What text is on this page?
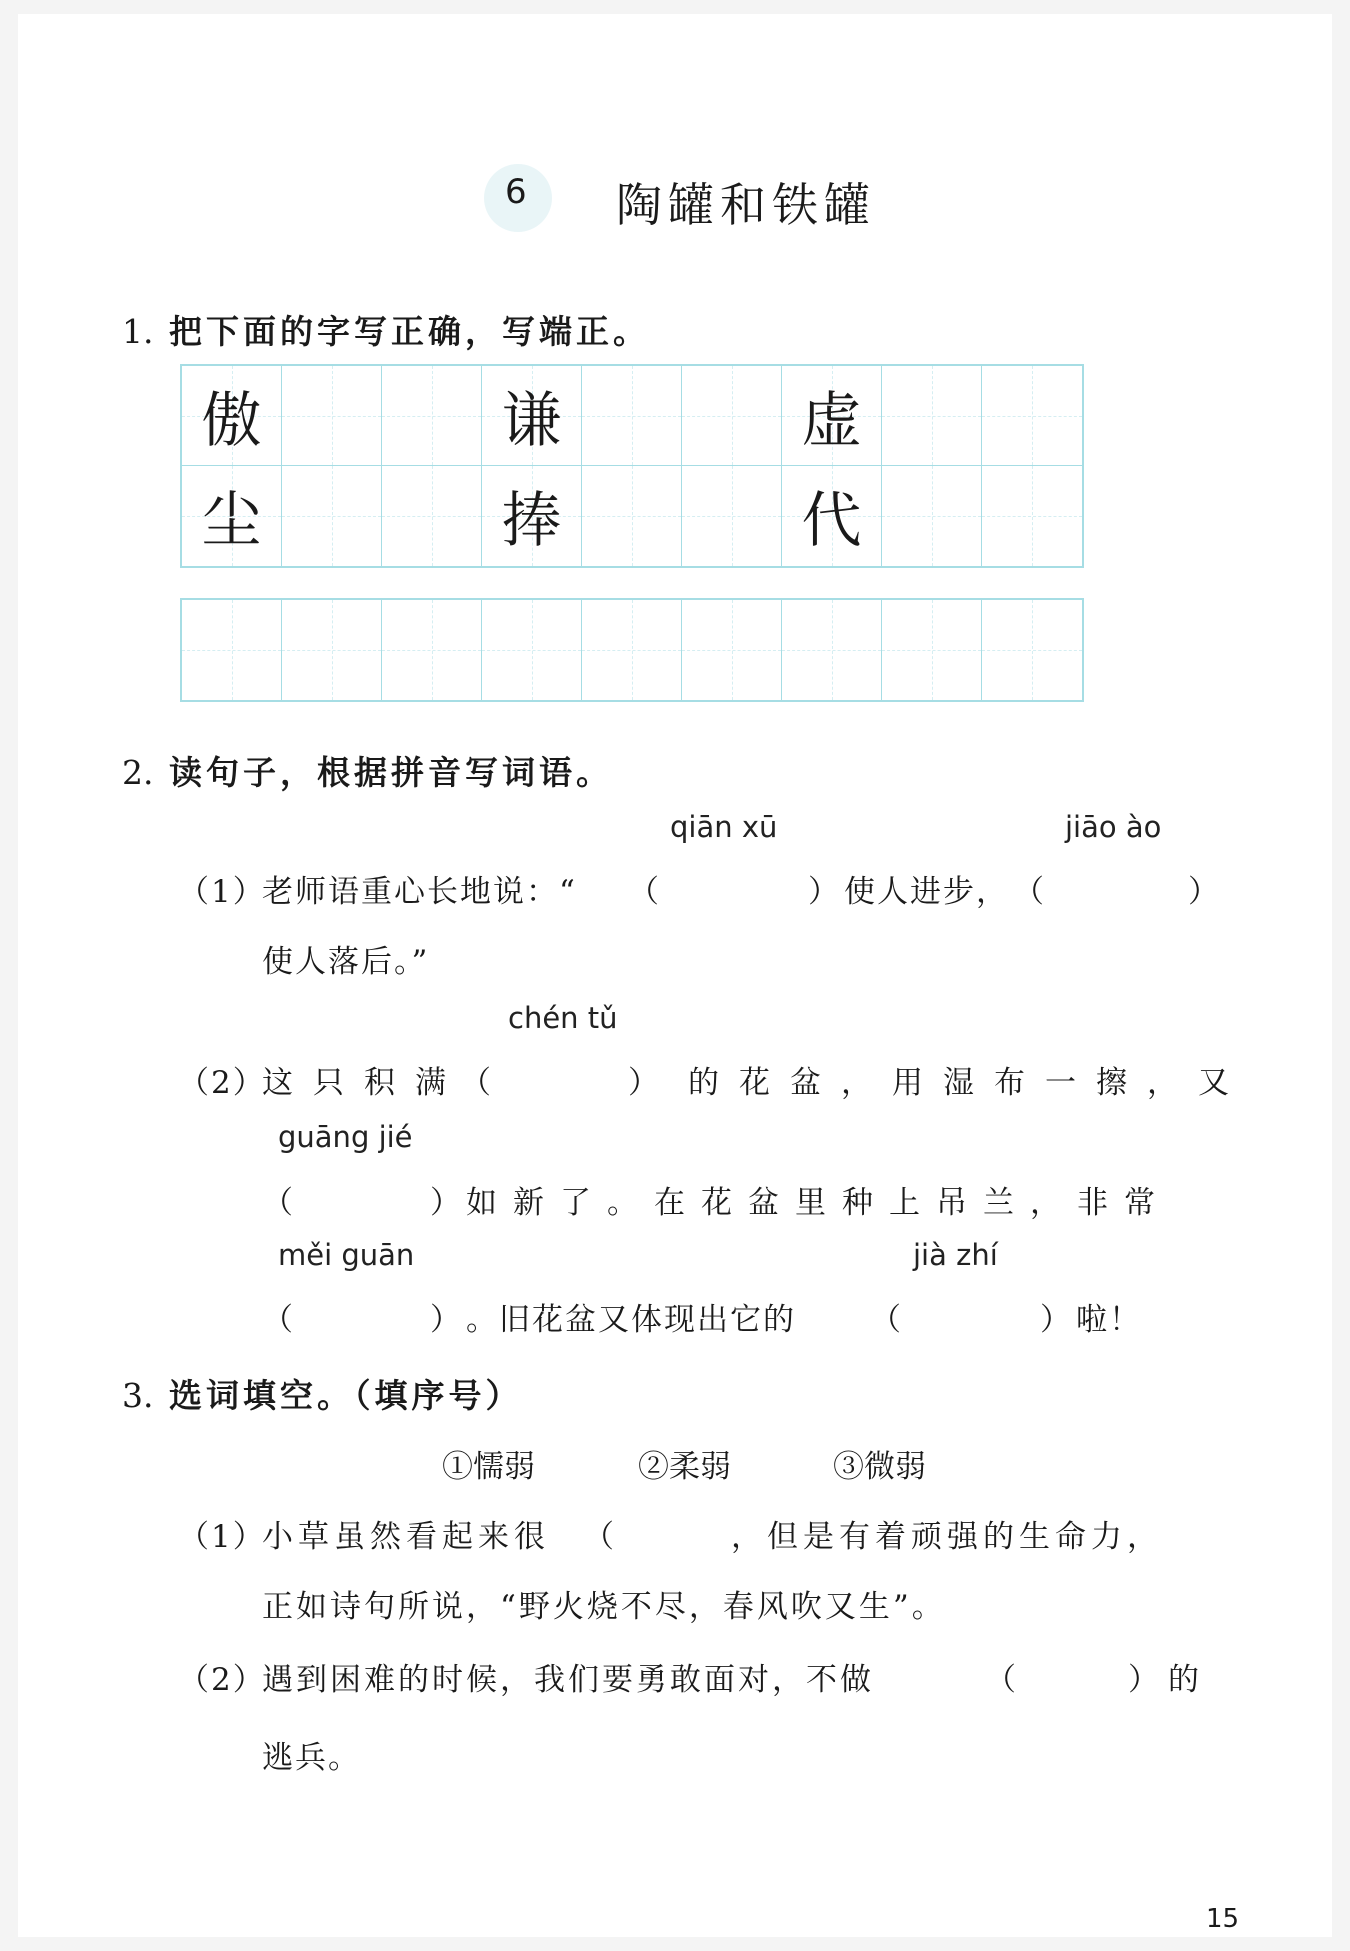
6 陶罐和铁罐
1. 把下面的字写正确，写端正。
傲	谦	虚
尘	捧	代
2. 读句子，根据拼音写词语。
qiān xū	jiāo ào
（1）
老师语重心长地说：“ （	） 使人进步， （	）
使人落后。”
chén tǔ
（2）
这只积满
（	） 的花盆，用湿布一擦，又
guāng jié
（	） 如新了。在花盆里种上吊兰，非常
měi guān	jià zhí
（	） 。旧花盆又体现出它的 （	） 啦！
3. 选词填空。（填序号）
①懦弱	②柔弱	③微弱
（1）
小草虽然看起来很 （	，但是有着顽强的生命力，
正如诗句所说，“野火烧不尽，春风吹又生”。
（2）
遇到困难的时候，我们要勇敢面对，不做	（	） 的
逃兵。
15
